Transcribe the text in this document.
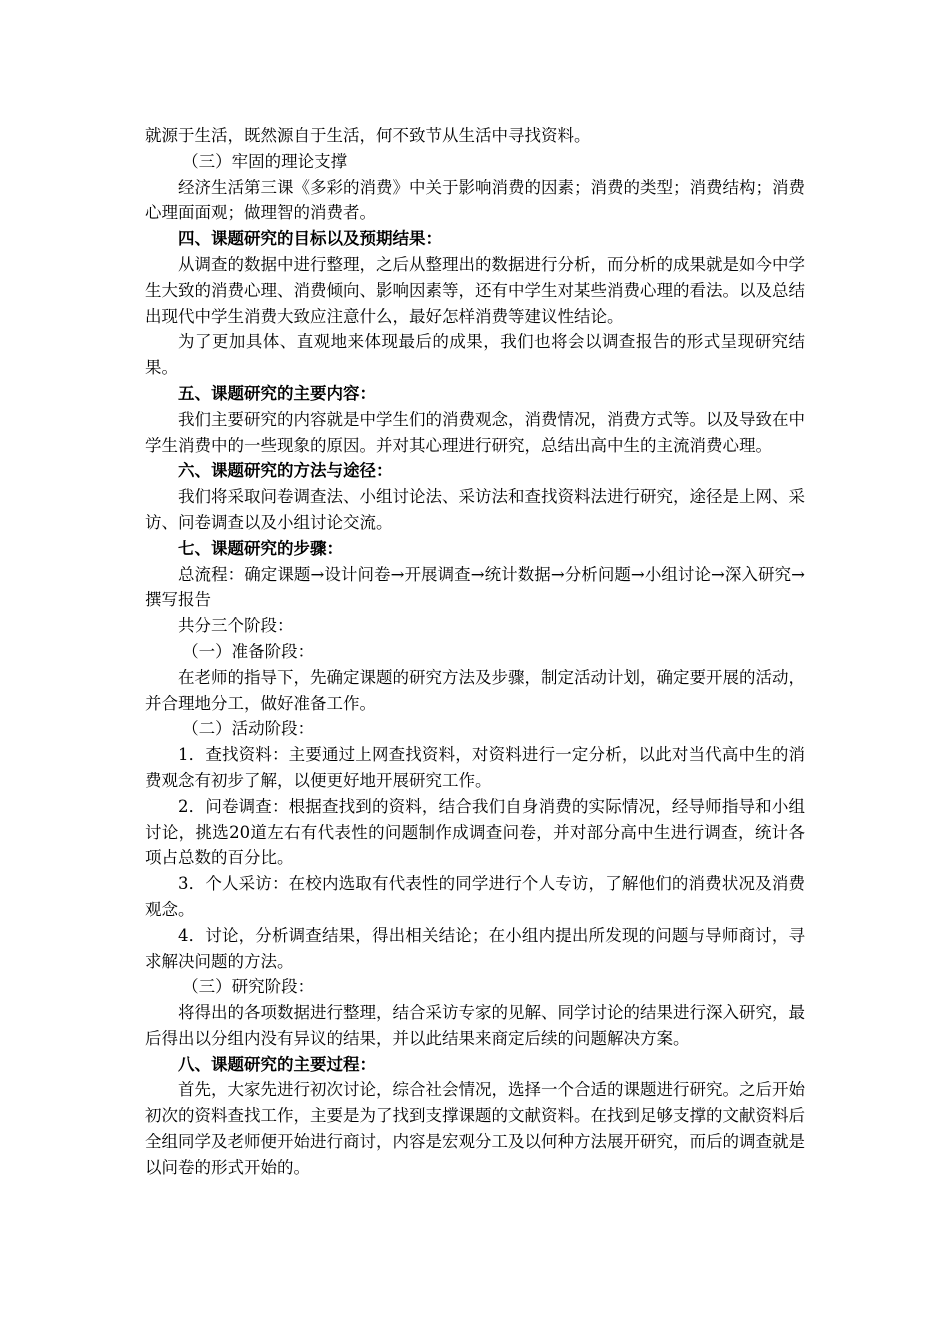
就源于生活，既然源自于生活，何不致节从生活中寻找资料。

（三）牢固的理论支撑

经济生活第三课《多彩的消费》中关于影响消费的因素；消费的类型；消费结构；消费心理面面观；做理智的消费者。

四、课题研究的目标以及预期结果：

从调查的数据中进行整理，之后从整理出的数据进行分析，而分析的成果就是如今中学生大致的消费心理、消费倾向、影响因素等，还有中学生对某些消费心理的看法。以及总结出现代中学生消费大致应注意什么，最好怎样消费等建议性结论。

为了更加具体、直观地来体现最后的成果，我们也将会以调查报告的形式呈现研究结果。

五、课题研究的主要内容：

我们主要研究的内容就是中学生们的消费观念，消费情况，消费方式等。以及导致在中学生消费中的一些现象的原因。并对其心理进行研究，总结出高中生的主流消费心理。

六、课题研究的方法与途径：

我们将采取问卷调查法、小组讨论法、采访法和查找资料法进行研究，途径是上网、采访、问卷调查以及小组讨论交流。

七、课题研究的步骤：

总流程：确定课题→设计问卷→开展调查→统计数据→分析问题→小组讨论→深入研究→撰写报告

共分三个阶段：

（一）准备阶段：

在老师的指导下，先确定课题的研究方法及步骤，制定活动计划，确定要开展的活动，并合理地分工，做好准备工作。

（二）活动阶段：

1．查找资料：主要通过上网查找资料，对资料进行一定分析，以此对当代高中生的消费观念有初步了解，以便更好地开展研究工作。

2．问卷调查：根据查找到的资料，结合我们自身消费的实际情况，经导师指导和小组讨论，挑选20道左右有代表性的问题制作成调查问卷，并对部分高中生进行调查，统计各项占总数的百分比。

3．个人采访：在校内选取有代表性的同学进行个人专访，了解他们的消费状况及消费观念。

4．讨论，分析调查结果，得出相关结论；在小组内提出所发现的问题与导师商讨，寻求解决问题的方法。

（三）研究阶段：

将得出的各项数据进行整理，结合采访专家的见解、同学讨论的结果进行深入研究，最后得出以分组内没有异议的结果，并以此结果来商定后续的问题解决方案。

八、课题研究的主要过程：

首先，大家先进行初次讨论，综合社会情况，选择一个合适的课题进行研究。之后开始初次的资料查找工作，主要是为了找到支撑课题的文献资料。在找到足够支撑的文献资料后全组同学及老师便开始进行商讨，内容是宏观分工及以何种方法展开研究，而后的调查就是以问卷的形式开始的。
